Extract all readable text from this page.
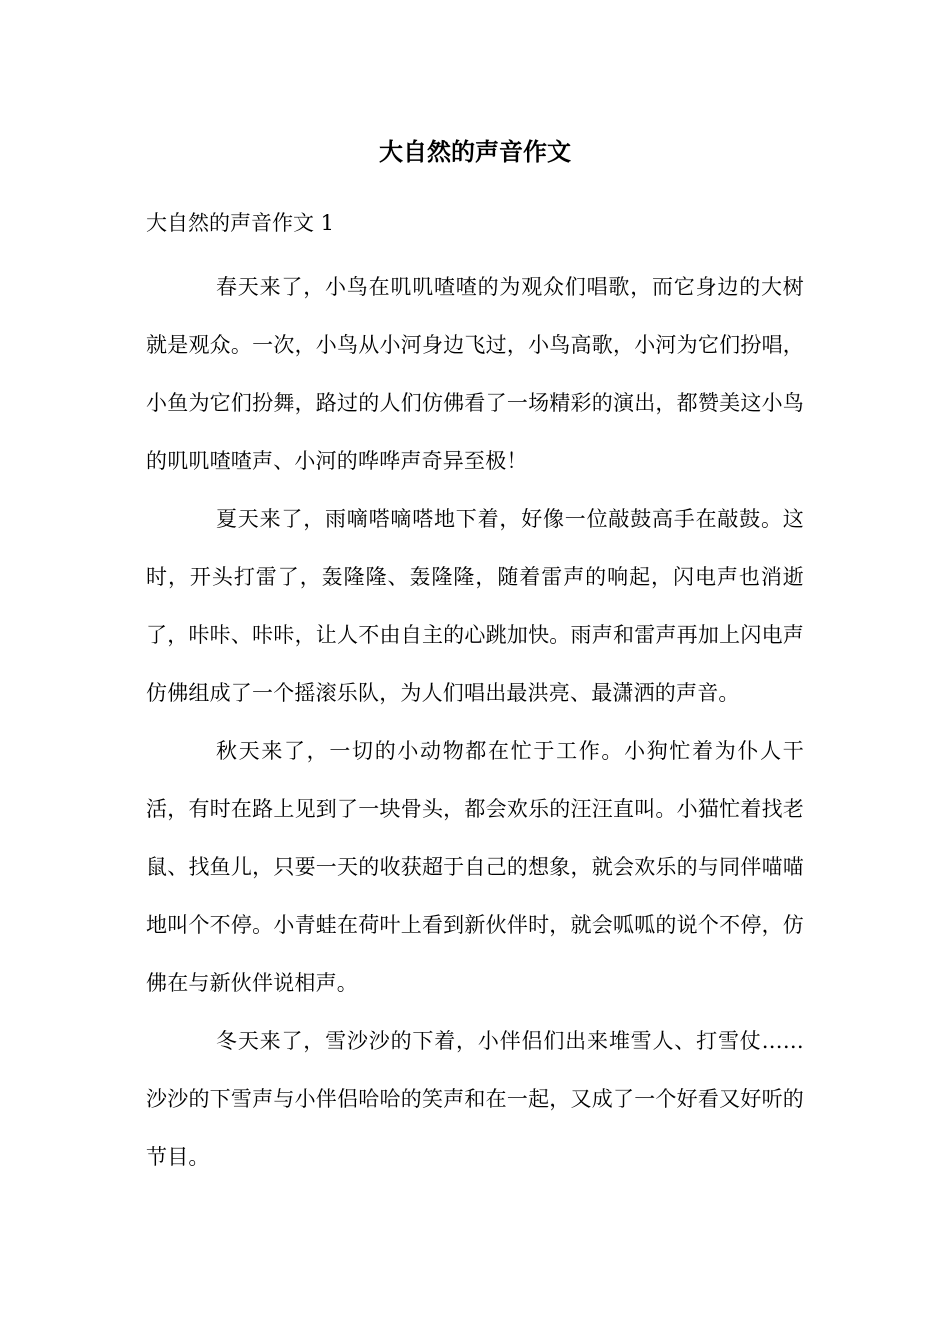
大自然的声音作文
大自然的声音作文 1

春天来了，小鸟在叽叽喳喳的为观众们唱歌，而它身边的大树就是观众。一次，小鸟从小河身边飞过，小鸟高歌，小河为它们扮唱，小鱼为它们扮舞，路过的人们仿佛看了一场精彩的演出，都赞美这小鸟的叽叽喳喳声、小河的哗哗声奇异至极！

夏天来了，雨嘀嗒嘀嗒地下着，好像一位敲鼓高手在敲鼓。这时，开头打雷了，轰隆隆、轰隆隆，随着雷声的响起，闪电声也消逝了，咔咔、咔咔，让人不由自主的心跳加快。雨声和雷声再加上闪电声仿佛组成了一个摇滚乐队，为人们唱出最洪亮、最潇洒的声音。

秋天来了，一切的小动物都在忙于工作。小狗忙着为仆人干活，有时在路上见到了一块骨头，都会欢乐的汪汪直叫。小猫忙着找老鼠、找鱼儿，只要一天的收获超于自己的想象，就会欢乐的与同伴喵喵地叫个不停。小青蛙在荷叶上看到新伙伴时，就会呱呱的说个不停，仿佛在与新伙伴说相声。

冬天来了，雪沙沙的下着，小伴侣们出来堆雪人、打雪仗……沙沙的下雪声与小伴侣哈哈的笑声和在一起，又成了一个好看又好听的节目。
